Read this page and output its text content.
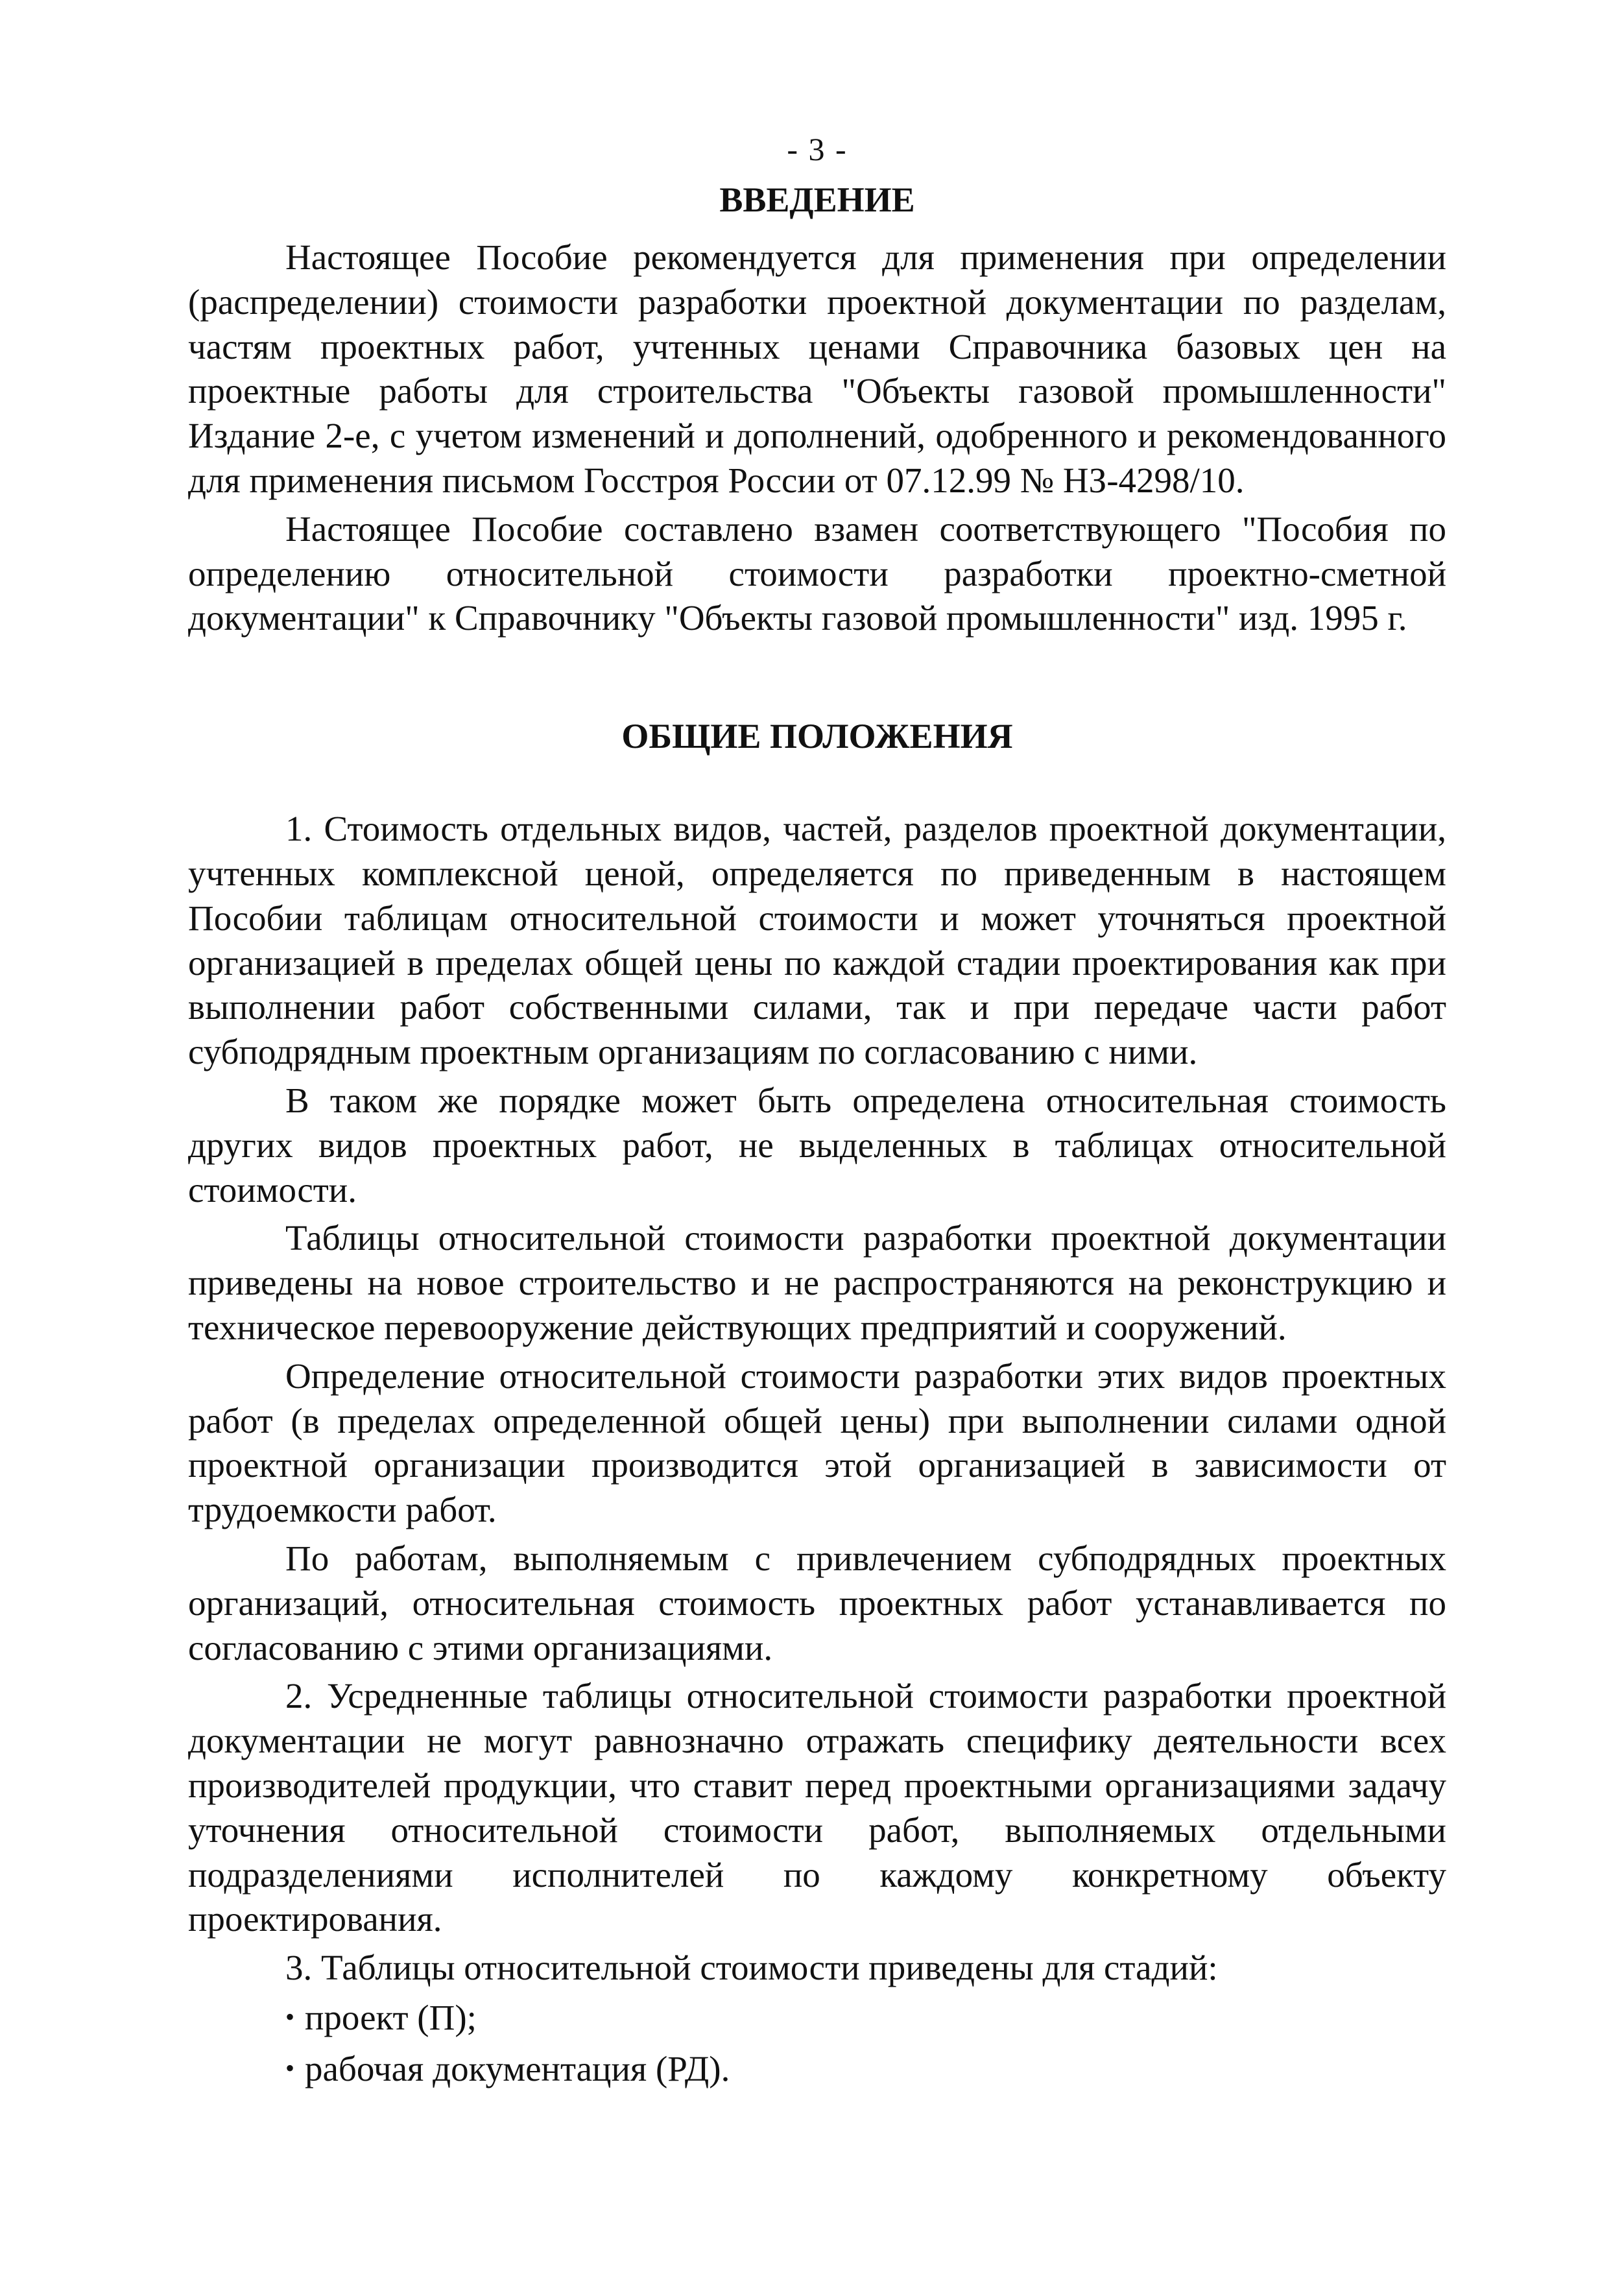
- 3 -
ВВЕДЕНИЕ

Настоящее Пособие рекомендуется для применения при определении (распределении) стоимости разработки проектной документации по разделам, частям проектных работ, учтенных ценами Справочника базовых цен на проектные работы для строительства "Объекты газовой промышленности" Издание 2-е, с учетом изменений и дополнений, одобренного и рекомендованного для применения письмом Госстроя России от 07.12.99 № НЗ-4298/10.

Настоящее Пособие составлено взамен соответствующего "Пособия по определению относительной стоимости разработки проектно-сметной документации" к Справочнику "Объекты газовой промышленности" изд. 1995 г.

ОБЩИЕ ПОЛОЖЕНИЯ

1. Стоимость отдельных видов, частей, разделов проектной документации, учтенных комплексной ценой, определяется по приведенным в настоящем Пособии таблицам относительной стоимости и может уточняться проектной организацией в пределах общей цены по каждой стадии проектирования как при выполнении работ собственными силами, так и при передаче части работ субподрядным проектным организациям по согласованию с ними.

В таком же порядке может быть определена относительная стоимость других видов проектных работ, не выделенных в таблицах относительной стоимости.

Таблицы относительной стоимости разработки проектной документации приведены на новое строительство и не распространяются на реконструкцию и техническое перевооружение действующих предприятий и сооружений.

Определение относительной стоимости разработки этих видов проектных работ (в пределах определенной общей цены) при выполнении силами одной проектной организации производится этой организацией в зависимости от трудоемкости работ.

По работам, выполняемым с привлечением субподрядных проектных организаций, относительная стоимость проектных работ устанавливается по согласованию с этими организациями.

2. Усредненные таблицы относительной стоимости разработки проектной документации не могут равнозначно отражать специфику деятельности всех производителей продукции, что ставит перед проектными организациями задачу уточнения относительной стоимости работ, выполняемых отдельными подразделениями исполнителей по каждому конкретному объекту проектирования.

3. Таблицы относительной стоимости приведены для стадий:

• проект (П);
• рабочая документация (РД).
